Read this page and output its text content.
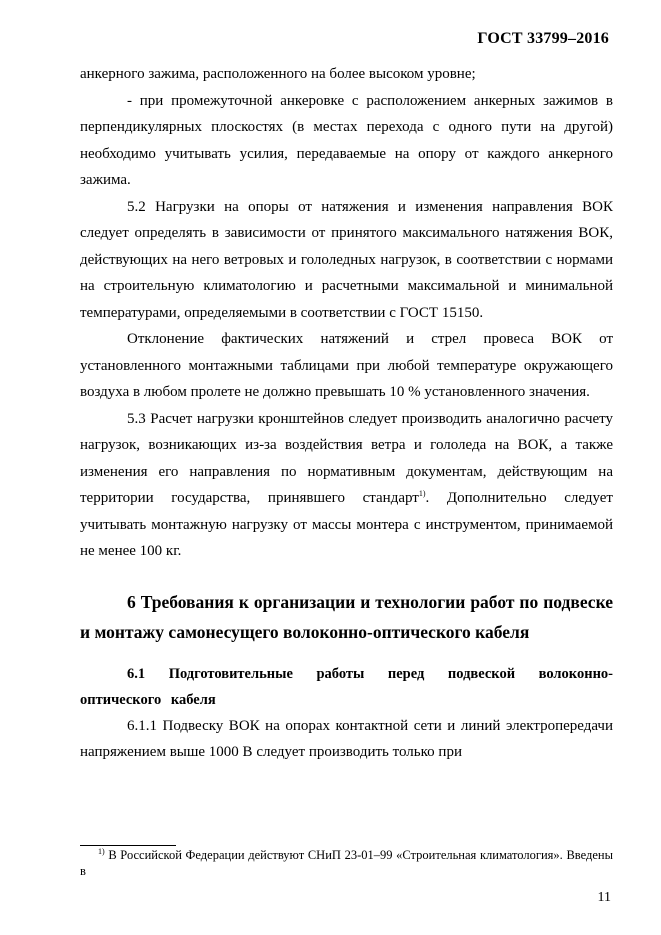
ГОСТ 33799–2016

анкерного зажима, расположенного на более высоком уровне;

- при промежуточной анкеровке с расположением анкерных зажимов в перпендикулярных плоскостях (в местах перехода с одного пути на другой) необходимо учитывать усилия, передаваемые на опору от каждого анкерного зажима.

5.2 Нагрузки на опоры от натяжения и изменения направления ВОК следует определять в зависимости от принятого максимального натяжения ВОК, действующих на него ветровых и гололедных нагрузок, в соответствии с нормами на строительную климатологию и расчетными максимальной и минимальной температурами, определяемыми в соответствии с ГОСТ 15150.

Отклонение фактических натяжений и стрел провеса ВОК от установленного монтажными таблицами при любой температуре окружающего воздуха в любом пролете не должно превышать 10 % установленного значения.

5.3 Расчет нагрузки кронштейнов следует производить аналогично расчету нагрузок, возникающих из-за воздействия ветра и гололеда на ВОК, а также изменения его направления по нормативным документам, действующим на территории государства, принявшего стандарт$^{1)}$. Дополнительно следует учитывать монтажную нагрузку от массы монтера с инструментом, принимаемой не менее 100 кг.

6 Требования к организации и технологии работ по подвеске и монтажу самонесущего волоконно-оптического кабеля
6.1 Подготовительные работы перед подвеской волоконно-оптического кабеля

6.1.1 Подвеску ВОК на опорах контактной сети и линий электропередачи напряжением выше 1000 В следует производить только при

$^{1)}$ В Российской Федерации действуют СНиП 23-01–99 «Строительная климатология». Введены в
11
